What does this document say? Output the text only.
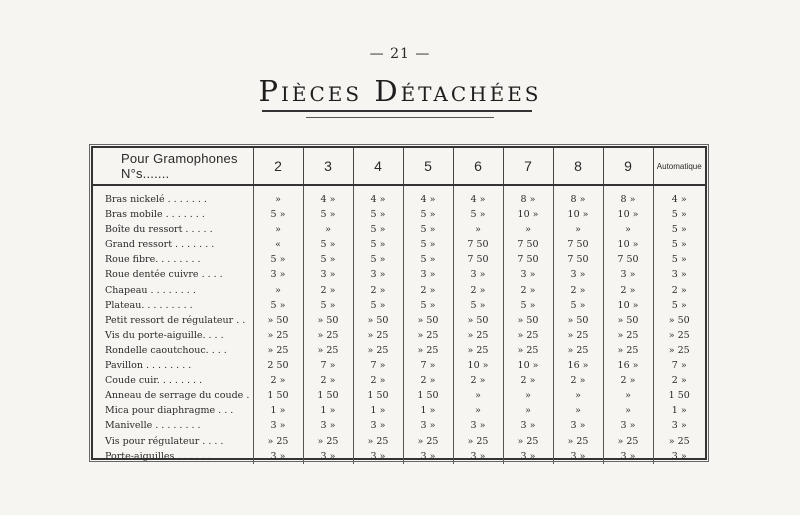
— 21 —
Pièces Détachées
Pour Gramophones N°s.......	2	3	4	5	6	7	8	9	Automatique
Bras nickelé . . . . . . .	»	4 »	4 »	4 »	4 »	8 »	8 »	8 »	4 »
Bras mobile . . . . . . .	5 »	5 »	5 »	5 »	5 »	10 »	10 »	10 »	5 »
Boîte du ressort . . . . .	»	»	5 »	5 »	»	»	»	»	5 »
Grand ressort . . . . . . .	«	5 »	5 »	5 »	7 50	7 50	7 50	10 »	5 »
Roue fibre. . . . . . . .	5 »	5 »	5 »	5 »	7 50	7 50	7 50	7 50	5 »
Roue dentée cuivre . . . .	3 »	3 »	3 »	3 »	3 »	3 »	3 »	3 »	3 »
Chapeau . . . . . . . .	»	2 »	2 »	2 »	2 »	2 »	2 »	2 »	2 »
Plateau. . . . . . . . .	5 »	5 »	5 »	5 »	5 »	5 »	5 »	10 »	5 »
Petit ressort de régulateur . .	» 50	» 50	» 50	» 50	» 50	» 50	» 50	» 50	» 50
Vis du porte-aiguille. . . .	» 25	» 25	» 25	» 25	» 25	» 25	» 25	» 25	» 25
Rondelle caoutchouc. . . .	» 25	» 25	» 25	» 25	» 25	» 25	» 25	» 25	» 25
Pavillon . . . . . . . .	2 50	7 »	7 »	7 »	10 »	10 »	16 »	16 »	7 »
Coude cuir. . . . . . . .	2 »	2 »	2 »	2 »	2 »	2 »	2 »	2 »	2 »
Anneau de serrage du coude .	1 50	1 50	1 50	1 50	»	»	»	»	1 50
Mica pour diaphragme . . .	1 »	1 »	1 »	1 »	»	»	»	»	1 »
Manivelle . . . . . . . .	3 »	3 »	3 »	3 »	3 »	3 »	3 »	3 »	3 »
Vis pour régulateur . . . .	» 25	» 25	» 25	» 25	» 25	» 25	» 25	» 25	» 25
Porte-aiguilles . . . . . .	3 »	3 »	3 »	3 »	3 »	3 »	3 »	3 »	3 »
